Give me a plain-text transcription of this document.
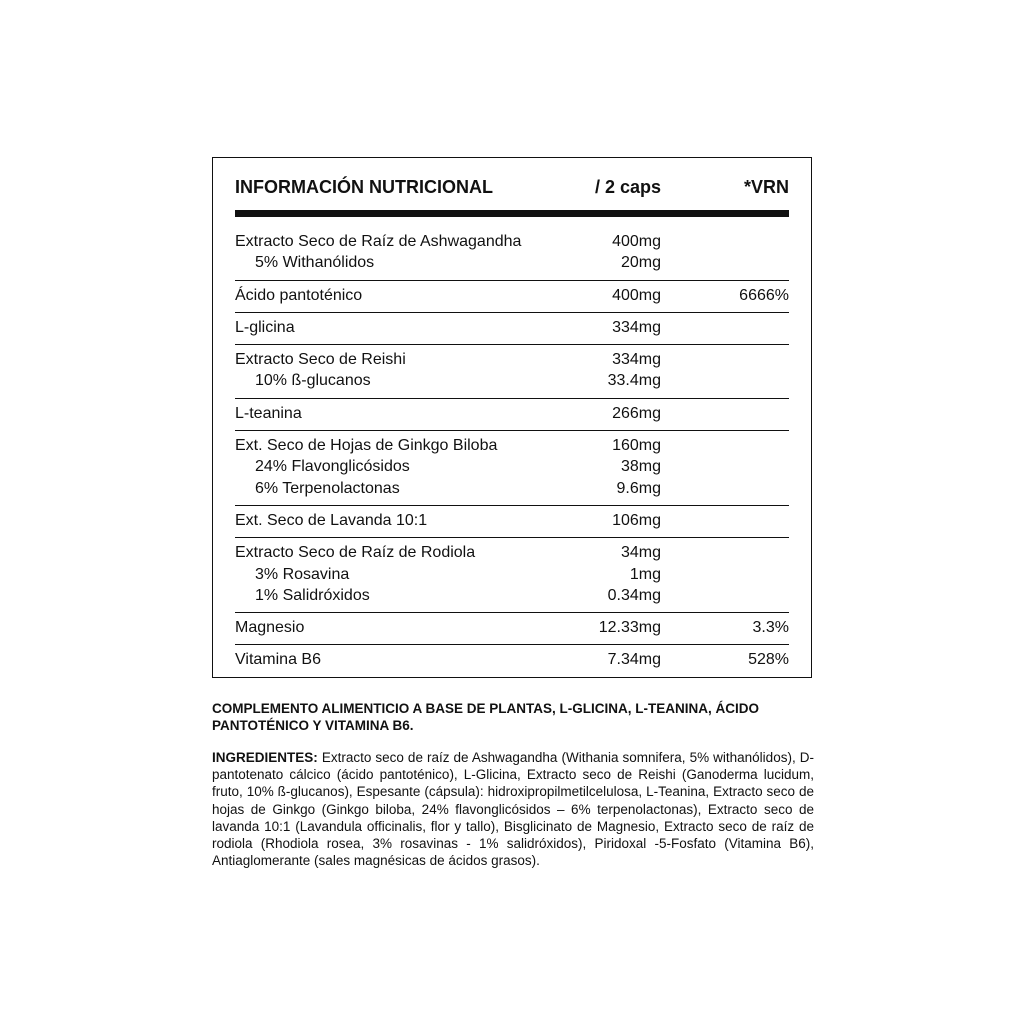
INFORMACIÓN NUTRICIONAL	/ 2 caps	*VRN
Extracto Seco de Raíz de Ashwagandha	400mg
5% Withanólidos	20mg
Ácido pantoténico	400mg	6666%
L-glicina	334mg
Extracto Seco de Reishi	334mg
10% ß-glucanos	33.4mg
L-teanina	266mg
Ext. Seco de Hojas de Ginkgo Biloba	160mg
24% Flavonglicósidos	38mg
6% Terpenolactonas	9.6mg
Ext. Seco de Lavanda 10:1	106mg
Extracto Seco de Raíz de Rodiola	34mg
3% Rosavina	1mg
1% Salidróxidos	0.34mg
Magnesio	12.33mg	3.3%
Vitamina B6	7.34mg	528%
COMPLEMENTO ALIMENTICIO A BASE DE PLANTAS, L-GLICINA, L-TEANINA, ÁCIDO PANTOTÉNICO Y VITAMINA B6.
INGREDIENTES: Extracto seco de raíz de Ashwagandha (Withania somnifera, 5% withanólidos), D-pantotenato cálcico (ácido pantoténico), L-Glicina, Extracto seco de Reishi (Ganoderma lucidum, fruto, 10% ß-glucanos), Espesante (cápsula): hidroxipropilmetilcelulosa, L-Teanina, Extracto seco de hojas de Ginkgo (Ginkgo biloba, 24% flavonglicósidos – 6% terpenolactonas), Extracto seco de lavanda 10:1 (Lavandula officinalis, flor y tallo), Bisglicinato de Magnesio, Extracto seco de raíz de rodiola (Rhodiola rosea, 3% rosavinas - 1% salidróxidos), Piridoxal -5-Fosfato (Vitamina B6), Antiaglomerante (sales magnésicas de ácidos grasos).
